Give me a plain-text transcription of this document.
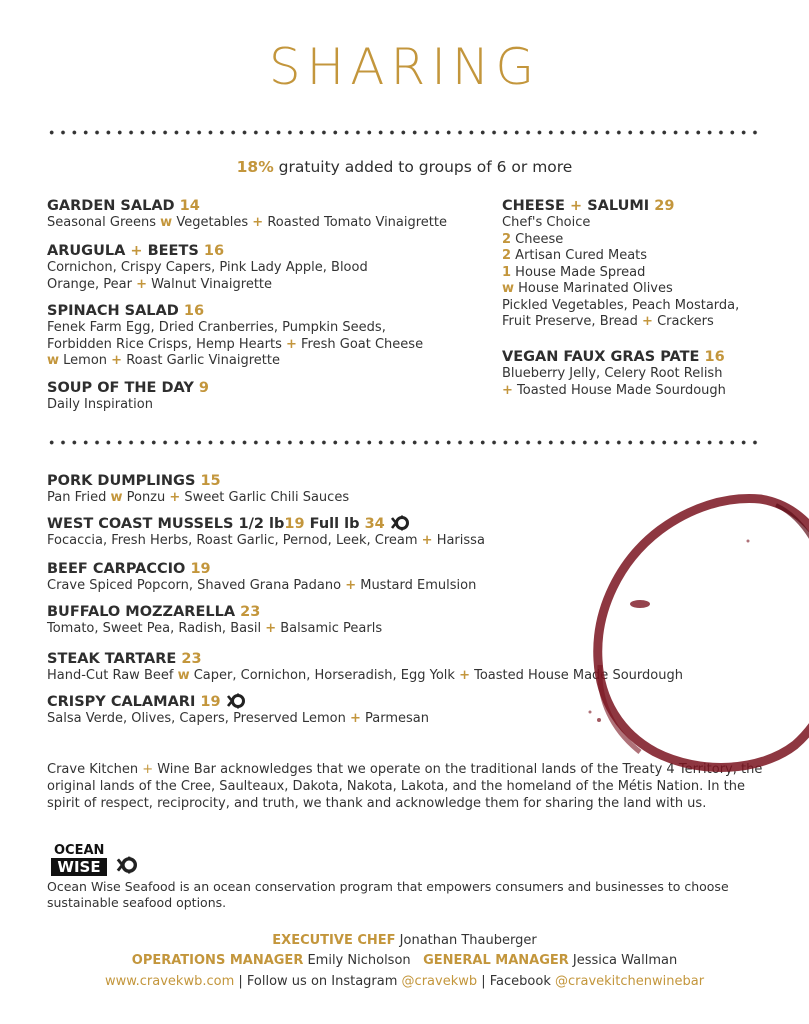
SHARING
18% gratuity added to groups of 6 or more
GARDEN SALAD 14
Seasonal Greens w Vegetables + Roasted Tomato Vinaigrette
ARUGULA + BEETS 16
Cornichon, Crispy Capers, Pink Lady Apple, Blood
Orange, Pear + Walnut Vinaigrette
SPINACH SALAD 16
Fenek Farm Egg, Dried Cranberries, Pumpkin Seeds,
Forbidden Rice Crisps, Hemp Hearts + Fresh Goat Cheese
w Lemon + Roast Garlic Vinaigrette
SOUP OF THE DAY 9
Daily Inspiration
CHEESE + SALUMI 29
Chef's Choice
2 Cheese
2 Artisan Cured Meats
1 House Made Spread
w House Marinated Olives
Pickled Vegetables, Peach Mostarda,
Fruit Preserve, Bread + Crackers
VEGAN FAUX GRAS PATE 16
Blueberry Jelly, Celery Root Relish
+ Toasted House Made Sourdough
PORK DUMPLINGS 15
Pan Fried w Ponzu + Sweet Garlic Chili Sauces
WEST COAST MUSSELS 1/2 lb19 Full lb 34
Focaccia, Fresh Herbs, Roast Garlic, Pernod, Leek, Cream + Harissa
BEEF CARPACCIO 19
Crave Spiced Popcorn, Shaved Grana Padano + Mustard Emulsion
BUFFALO MOZZARELLA 23
Tomato, Sweet Pea, Radish, Basil + Balsamic Pearls
STEAK TARTARE 23
Hand-Cut Raw Beef w Caper, Cornichon, Horseradish, Egg Yolk + Toasted House Made Sourdough
CRISPY CALAMARI 19
Salsa Verde, Olives, Capers, Preserved Lemon + Parmesan
Crave Kitchen + Wine Bar acknowledges that we operate on the traditional lands of the Treaty 4 Territory, the original lands of the Cree, Saulteaux, Dakota, Nakota, Lakota, and the homeland of the Métis Nation. In the spirit of respect, reciprocity, and truth, we thank and acknowledge them for sharing the land with us.
OCEAN
WISE
Ocean Wise Seafood is an ocean conservation program that empowers consumers and businesses to choose sustainable seafood options.
EXECUTIVE CHEF Jonathan Thauberger
OPERATIONS MANAGER Emily Nicholson GENERAL MANAGER Jessica Wallman
www.cravekwb.com | Follow us on Instagram @cravekwb | Facebook @cravekitchenwinebar
